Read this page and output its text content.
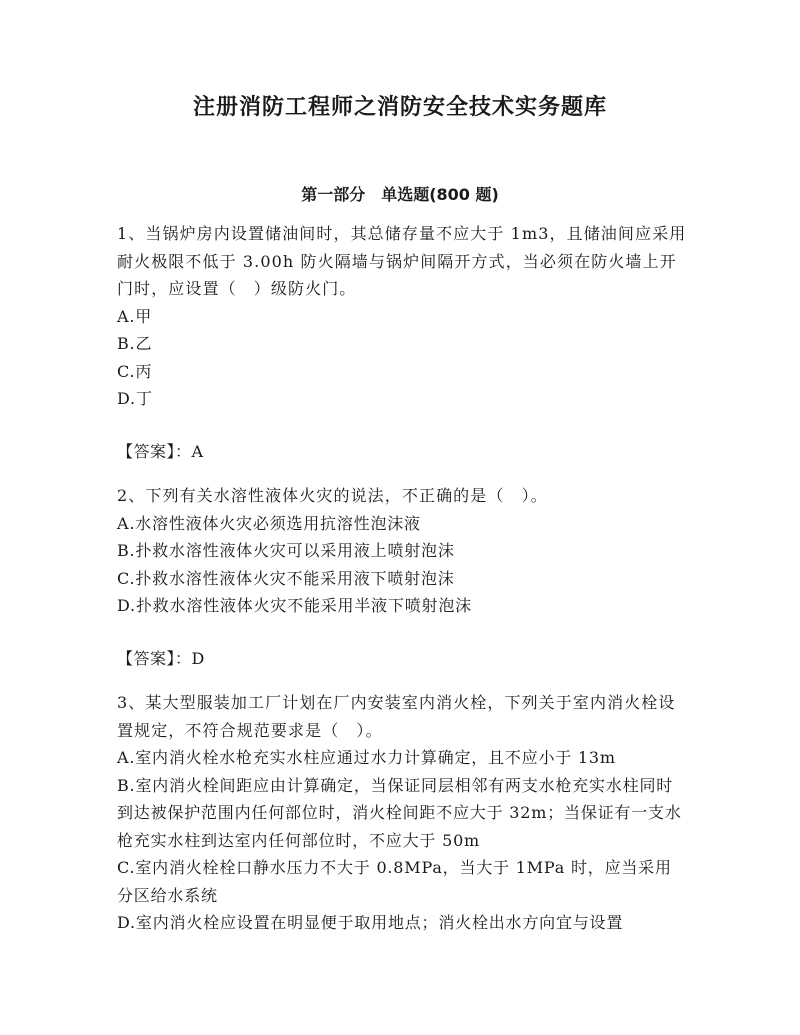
注册消防工程师之消防安全技术实务题库
第一部分　单选题(800 题)

1、当锅炉房内设置储油间时，其总储存量不应大于 1m3，且储油间应采用耐火极限不低于 3.00h 防火隔墙与锅炉间隔开方式，当必须在防火墙上开门时，应设置（　）级防火门。

A.甲

B.乙

C.丙

D.丁

【答案】：A

2、下列有关水溶性液体火灾的说法，不正确的是（　）。

A.水溶性液体火灾必须选用抗溶性泡沫液

B.扑救水溶性液体火灾可以采用液上喷射泡沫

C.扑救水溶性液体火灾不能采用液下喷射泡沫

D.扑救水溶性液体火灾不能采用半液下喷射泡沫

【答案】：D

3、某大型服装加工厂计划在厂内安装室内消火栓，下列关于室内消火栓设置规定，不符合规范要求是（　）。

A.室内消火栓水枪充实水柱应通过水力计算确定，且不应小于 13m

B.室内消火栓间距应由计算确定，当保证同层相邻有两支水枪充实水柱同时到达被保护范围内任何部位时，消火栓间距不应大于 32m；当保证有一支水枪充实水柱到达室内任何部位时，不应大于 50m

C.室内消火栓栓口静水压力不大于 0.8MPa，当大于 1MPa 时，应当采用分区给水系统

D.室内消火栓应设置在明显便于取用地点；消火栓出水方向宜与设置
